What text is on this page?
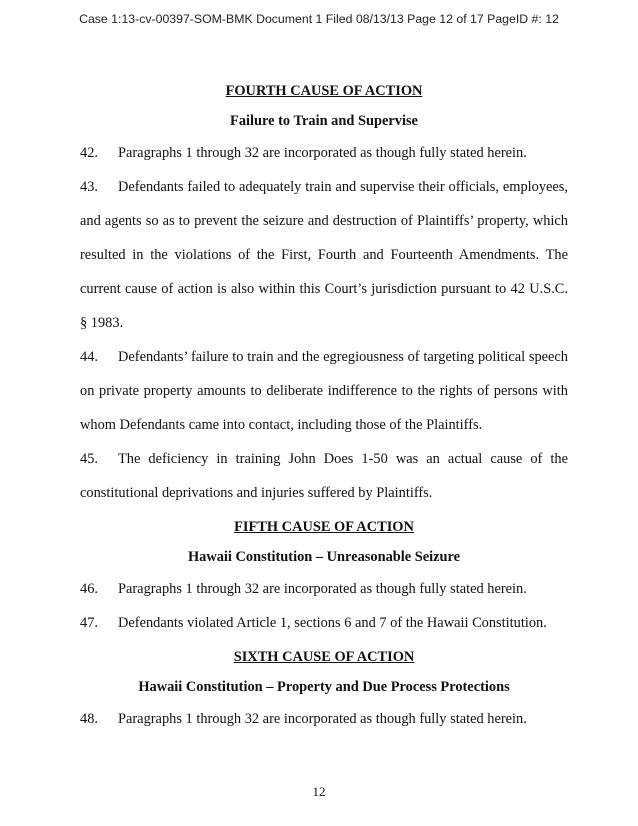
Case 1:13-cv-00397-SOM-BMK Document 1 Filed 08/13/13 Page 12 of 17 PageID #: 12

FOURTH CAUSE OF ACTION

Failure to Train and Supervise

42. Paragraphs 1 through 32 are incorporated as though fully stated herein.

43. Defendants failed to adequately train and supervise their officials, employees, and agents so as to prevent the seizure and destruction of Plaintiffs’ property, which resulted in the violations of the First, Fourth and Fourteenth Amendments. The current cause of action is also within this Court’s jurisdiction pursuant to 42 U.S.C. § 1983.

44. Defendants’ failure to train and the egregiousness of targeting political speech on private property amounts to deliberate indifference to the rights of persons with whom Defendants came into contact, including those of the Plaintiffs.

45. The deficiency in training John Does 1-50 was an actual cause of the constitutional deprivations and injuries suffered by Plaintiffs.

FIFTH CAUSE OF ACTION

Hawaii Constitution – Unreasonable Seizure

46. Paragraphs 1 through 32 are incorporated as though fully stated herein.

47. Defendants violated Article 1, sections 6 and 7 of the Hawaii Constitution.

SIXTH CAUSE OF ACTION

Hawaii Constitution – Property and Due Process Protections

48. Paragraphs 1 through 32 are incorporated as though fully stated herein.

12
